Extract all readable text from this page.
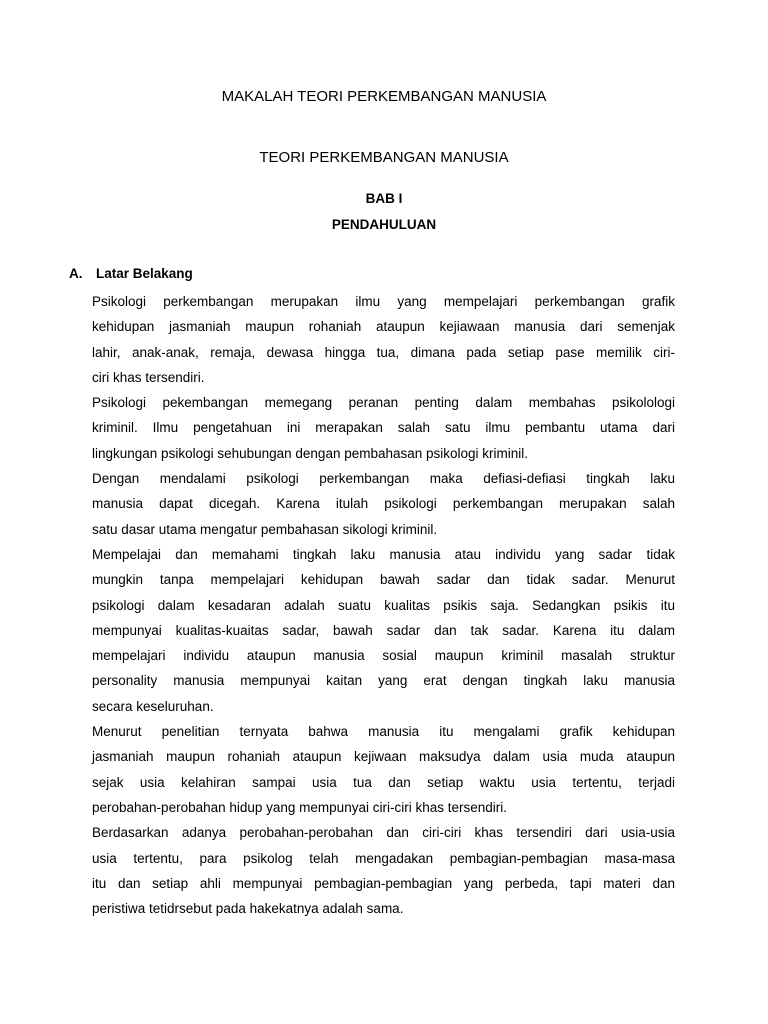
MAKALAH TEORI PERKEMBANGAN MANUSIA
TEORI PERKEMBANGAN MANUSIA
BAB I
PENDAHULUAN
A. Latar Belakang

Psikologi perkembangan merupakan ilmu yang mempelajari perkembangan grafik
kehidupan jasmaniah maupun rohaniah ataupun kejiawaan manusia dari semenjak
lahir, anak-anak, remaja, dewasa hingga tua, dimana pada setiap pase memilik ciri-
ciri khas tersendiri.

Psikologi pekembangan memegang peranan penting dalam membahas psikolologi
kriminil. Ilmu pengetahuan ini merapakan salah satu ilmu pembantu utama dari
lingkungan psikologi sehubungan dengan pembahasan psikologi kriminil.

Dengan mendalami psikologi perkembangan maka defiasi-defiasi tingkah laku
manusia dapat dicegah. Karena itulah psikologi perkembangan merupakan salah
satu dasar utama mengatur pembahasan sikologi kriminil.

Mempelajai dan memahami tingkah laku manusia atau individu yang sadar tidak
mungkin tanpa mempelajari kehidupan bawah sadar dan tidak sadar. Menurut
psikologi dalam kesadaran adalah suatu kualitas psikis saja. Sedangkan psikis itu
mempunyai kualitas-kuaitas sadar, bawah sadar dan tak sadar. Karena itu dalam
mempelajari individu ataupun manusia sosial maupun kriminil masalah struktur
personality manusia mempunyai kaitan yang erat dengan tingkah laku manusia
secara keseluruhan.

Menurut penelitian ternyata bahwa manusia itu mengalami grafik kehidupan
jasmaniah maupun rohaniah ataupun kejiwaan maksudya dalam usia muda ataupun
sejak usia kelahiran sampai usia tua dan setiap waktu usia tertentu, terjadi
perobahan-perobahan hidup yang mempunyai ciri-ciri khas tersendiri.

Berdasarkan adanya perobahan-perobahan dan ciri-ciri khas tersendiri dari usia-usia
usia tertentu, para psikolog telah mengadakan pembagian-pembagian masa-masa
itu dan setiap ahli mempunyai pembagian-pembagian yang perbeda, tapi materi dan
peristiwa tetidrsebut pada hakekatnya adalah sama.
